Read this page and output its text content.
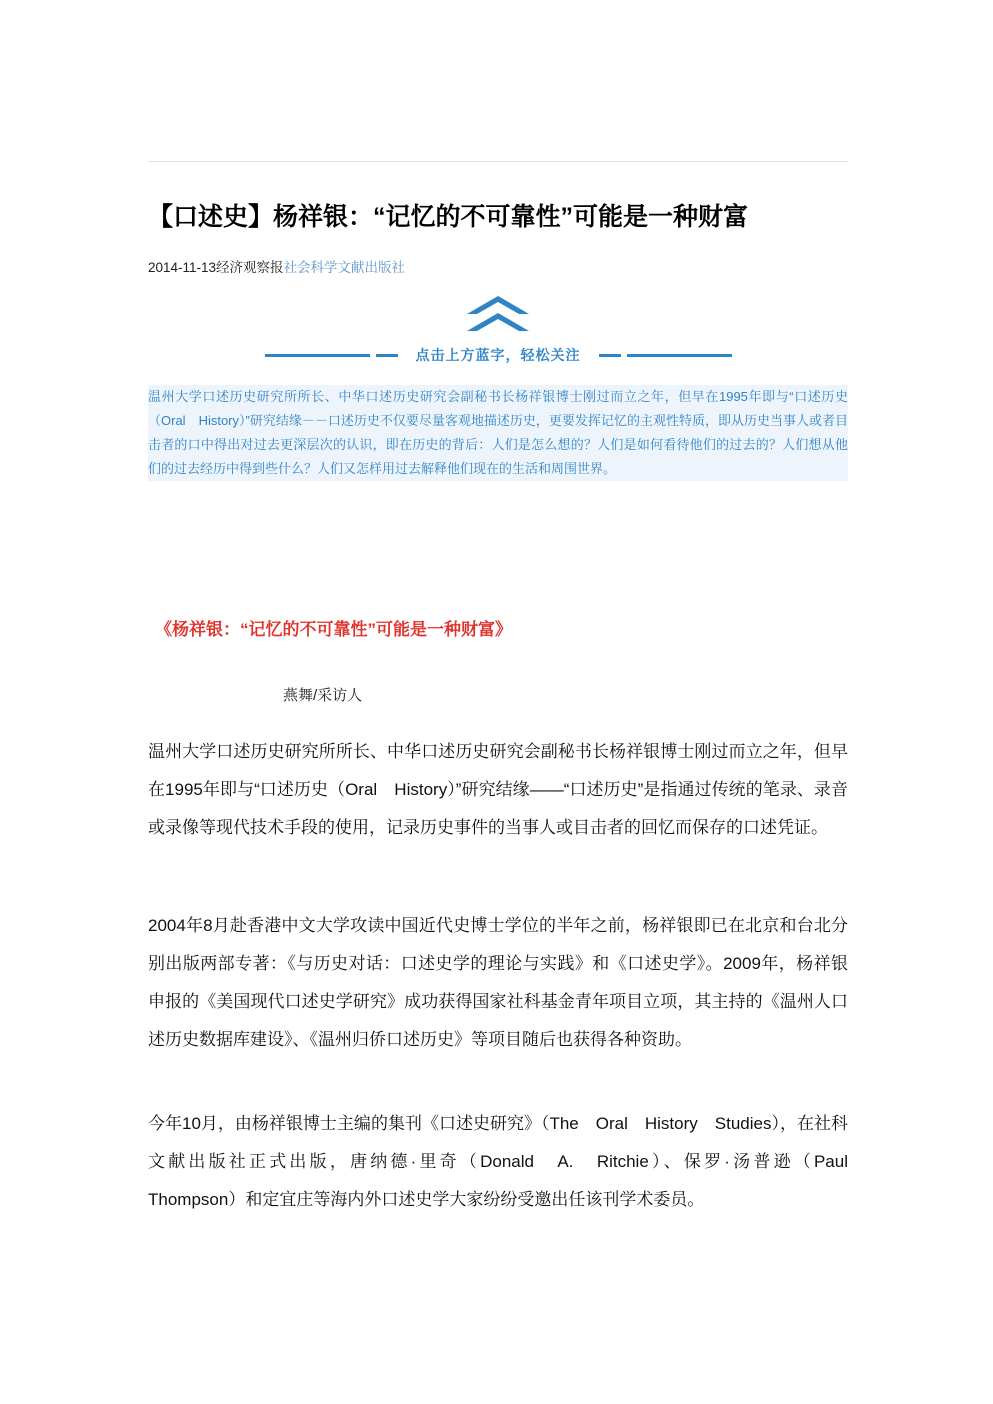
【口述史】杨祥银：“记忆的不可靠性”可能是一种财富
2014-11-13经济观察报社会科学文献出版社
点击上方蓝字，轻松关注
温州大学口述历史研究所所长、中华口述历史研究会副秘书长杨祥银博士刚过而立之年，但早在1995年即与“口述历史（Oral　History）”研究结缘－－口述历史不仅要尽量客观地描述历史，更要发挥记忆的主观性特质，即从历史当事人或者目击者的口中得出对过去更深层次的认识，即在历史的背后：人们是怎么想的？人们是如何看待他们的过去的？人们想从他们的过去经历中得到些什么？人们又怎样用过去解释他们现在的生活和周围世界。
《杨祥银：“记忆的不可靠性”可能是一种财富》
燕舞/采访人

温州大学口述历史研究所所长、中华口述历史研究会副秘书长杨祥银博士刚过而立之年，但早在1995年即与“口述历史（Oral　History）”研究结缘——“口述历史”是指通过传统的笔录、录音或录像等现代技术手段的使用，记录历史事件的当事人或目击者的回忆而保存的口述凭证。

2004年8月赴香港中文大学攻读中国近代史博士学位的半年之前，杨祥银即已在北京和台北分别出版两部专著：《与历史对话：口述史学的理论与实践》和《口述史学》。2009年，杨祥银申报的《美国现代口述史学研究》成功获得国家社科基金青年项目立项，其主持的《温州人口述历史数据库建设》、《温州归侨口述历史》等项目随后也获得各种资助。

今年10月，由杨祥银博士主编的集刊《口述史研究》（The　Oral　History　Studies），在社科文献出版社正式出版，唐纳德·里奇（Donald　A.　Ritchie）、保罗·汤普逊（Paul　Thompson）和定宜庄等海内外口述史学大家纷纷受邀出任该刊学术委员。
